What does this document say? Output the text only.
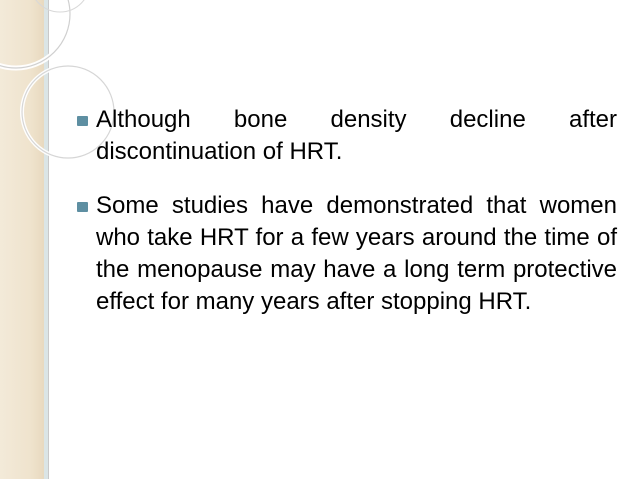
Although bone density decline after discontinuation of HRT.
Some studies have demonstrated that women who take HRT for a few years around the time of the menopause may have a long term protective effect for many years after stopping HRT.
